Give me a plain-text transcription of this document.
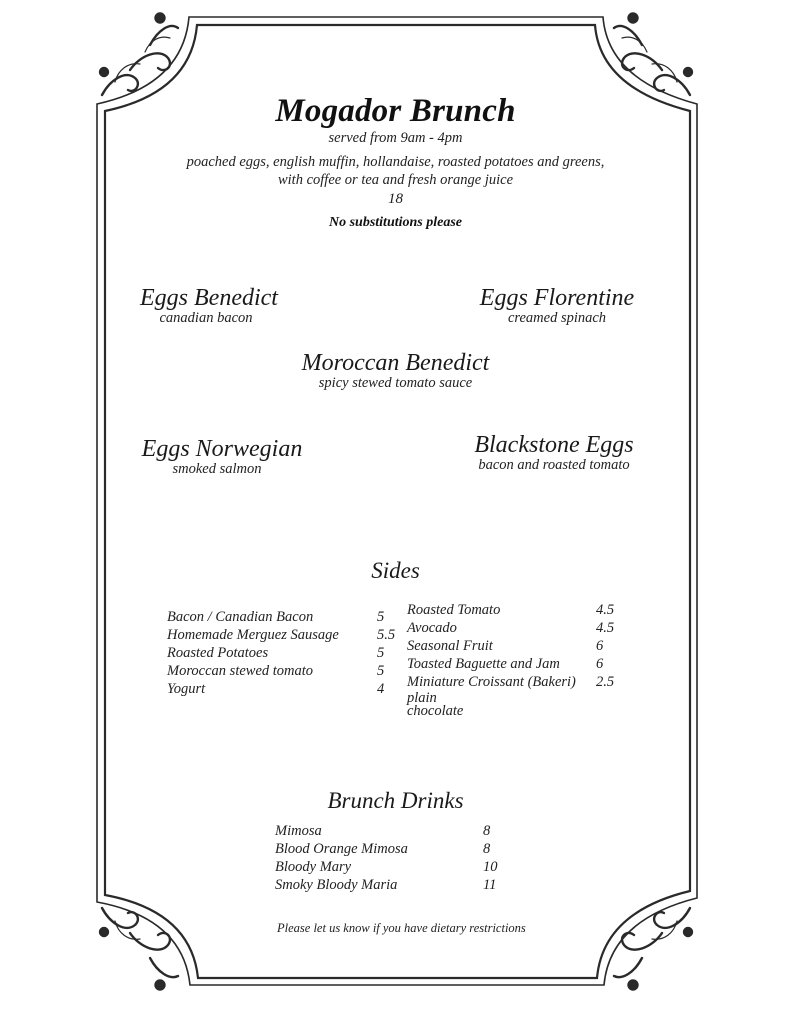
Mogador Brunch
served from 9am - 4pm
poached eggs, english muffin, hollandaise, roasted potatoes and greens,
with coffee or tea and fresh orange juice
18
No substitutions please
Eggs Benedict
canadian bacon
Eggs Florentine
creamed spinach
Moroccan Benedict
spicy stewed tomato sauce
Eggs Norwegian
smoked salmon
Blackstone Eggs
bacon and roasted tomato
Sides
Bacon / Canadian Bacon	5
Homemade Merguez Sausage	5.5
Roasted Potatoes	5
Moroccan stewed tomato	5
Yogurt	4
Roasted Tomato	4.5
Avocado	4.5
Seasonal Fruit	6
Toasted Baguette and Jam 6
Miniature Croissant (Bakeri) 2.5
plain
chocolate
Brunch Drinks
Mimosa	8
Blood Orange Mimosa	8
Bloody Mary	10
Smoky Bloody Maria	11
Please let us know if you have dietary restrictions
